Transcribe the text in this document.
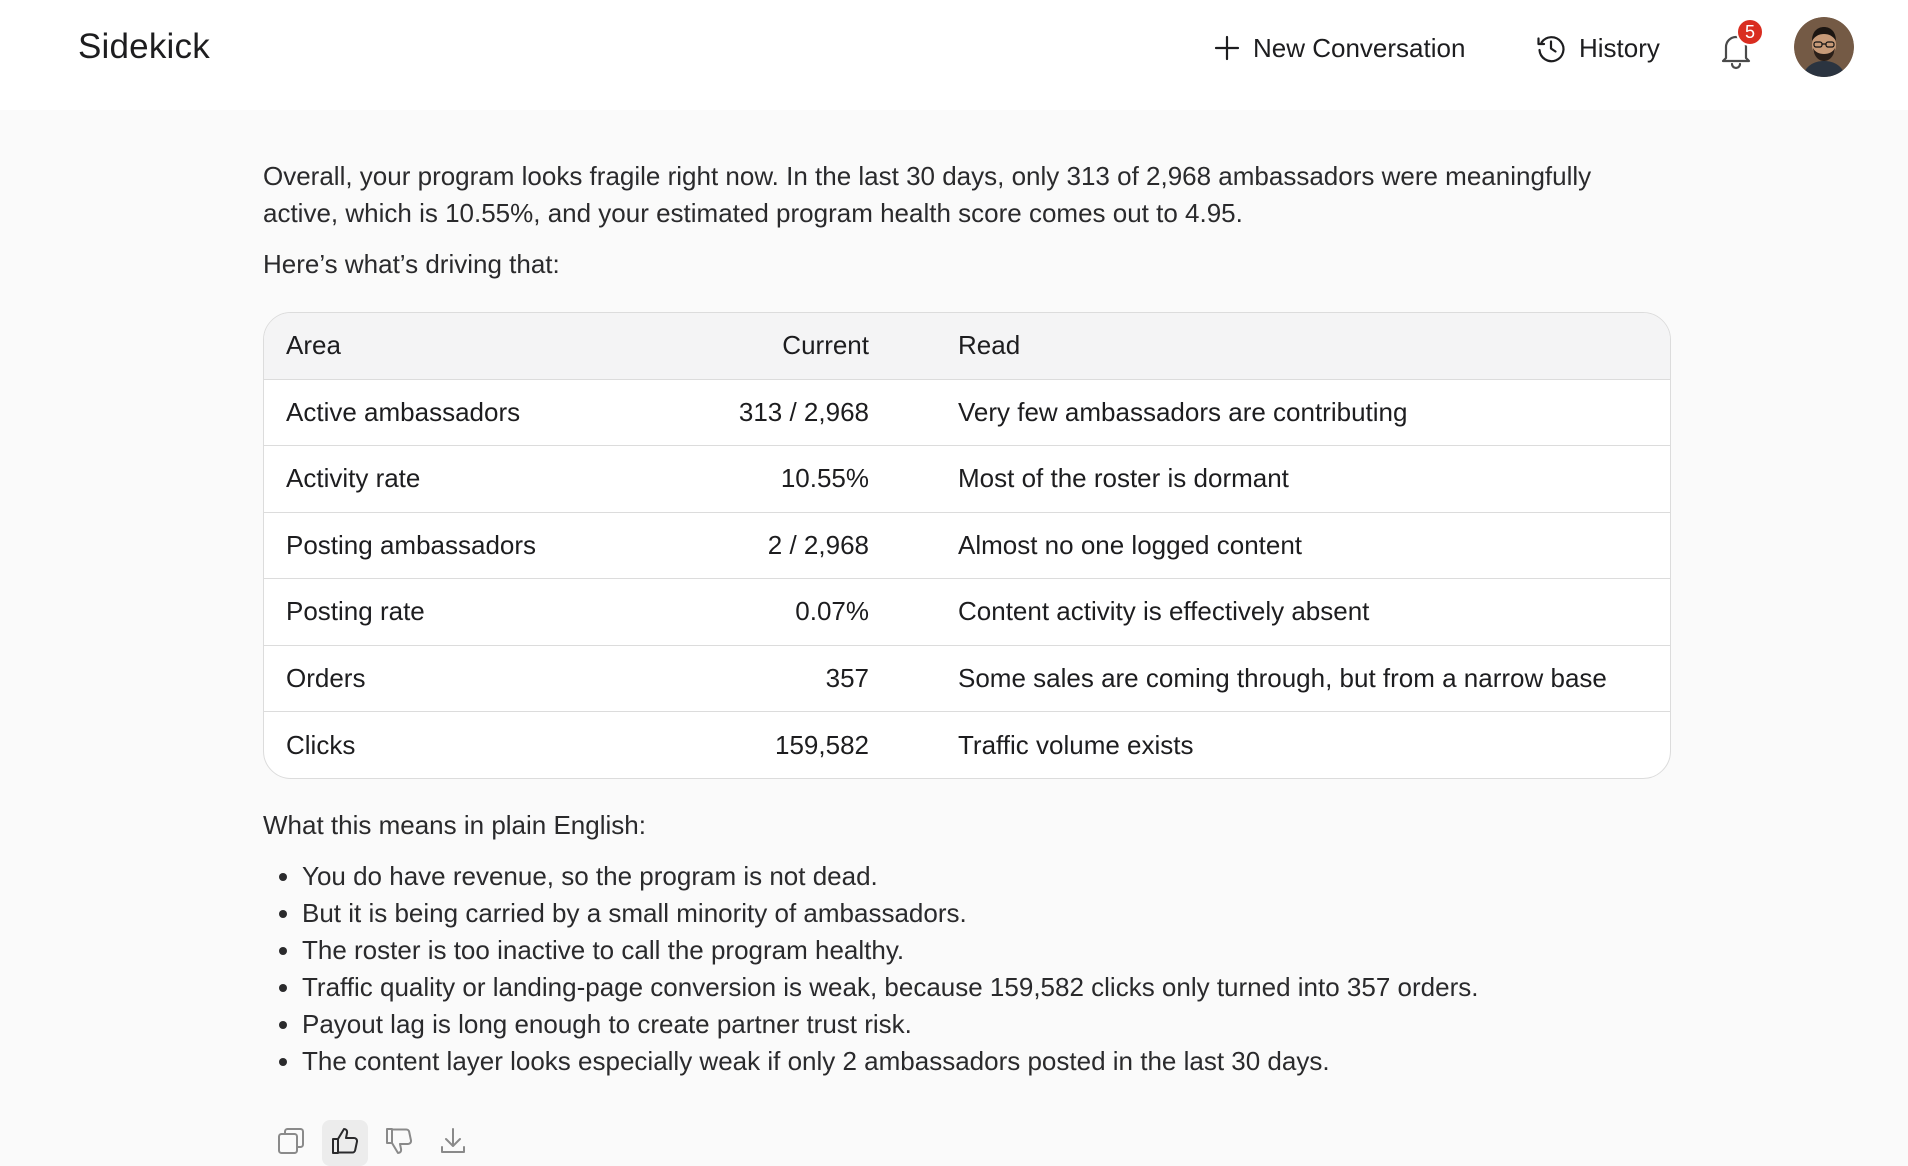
Sidekick	New Conversation	History
5

Overall, your program looks fragile right now. In the last 30 days, only 313 of 2,968 ambassadors were meaningfully active, which is 10.55%, and your estimated program health score comes out to 4.95.

Here’s what’s driving that:

Area	Current	Read
Active ambassadors	313 / 2,968	Very few ambassadors are contributing
Activity rate	10.55%	Most of the roster is dormant
Posting ambassadors	2 / 2,968	Almost no one logged content
Posting rate	0.07%	Content activity is effectively absent
Orders	357	Some sales are coming through, but from a narrow base
Clicks	159,582	Traffic volume exists

What this means in plain English:

You do have revenue, so the program is not dead.
But it is being carried by a small minority of ambassadors.
The roster is too inactive to call the program healthy.
Traffic quality or landing-page conversion is weak, because 159,582 clicks only turned into 357 orders.
Payout lag is long enough to create partner trust risk.
The content layer looks especially weak if only 2 ambassadors posted in the last 30 days.
